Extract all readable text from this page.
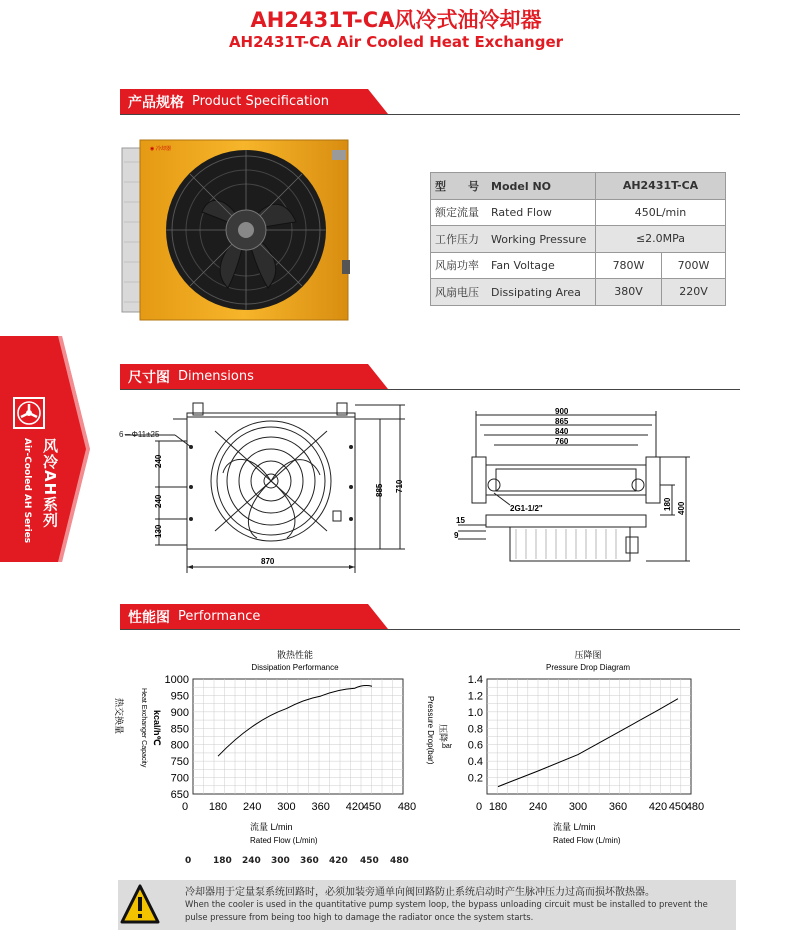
AH2431T-CA风冷式油冷却器
AH2431T-CA Air Cooled Heat Exchanger
产品规格 Product Specification
◉ 冷却器
型　　号 Model NO	AH2431T-CA	
额定流量 Rated Flow	450L/min	
工作压力 Working Pressure	≤2.0MPa	
风扇功率 Fan Voltage	780W	700W
风扇电压 Dissipating Area	380V	220V
风冷AH系列
Air-Cooled AH Series
尺寸图 Dimensions
6－Φ11±25
240
240
130
870
885 710
900
865
840
760
2G1-1/2"
15
9
180 400
性能图 Performance
散热性能
Dissipation Performance
1000
950
900
850
800
750
700
650
0 180 240 300 360 420
450 480
热交换量 Heat Exchanger Capacity kcal/h℃
流量 L/min
Rated Flow (L/min)
压降图
Pressure Drop Diagram
1.4
1.2
1.0
0.8
0.6
0.4
0.2
0 180 240 300 360 420 450
480
Pressure Drop(bar) 压降
bar
流量 L/min
Rated Flow (L/min)
0 180 240 300 360 420 450 480
冷却器用于定量泵系统回路时，必须加装旁通单向阀回路防止系统启动时产生脉冲压力过高而损坏散热器。
When the cooler is used in the quantitative pump system loop, the bypass unloading circuit must be installed to prevent the pulse pressure from being too high to damage the radiator once the system starts.
